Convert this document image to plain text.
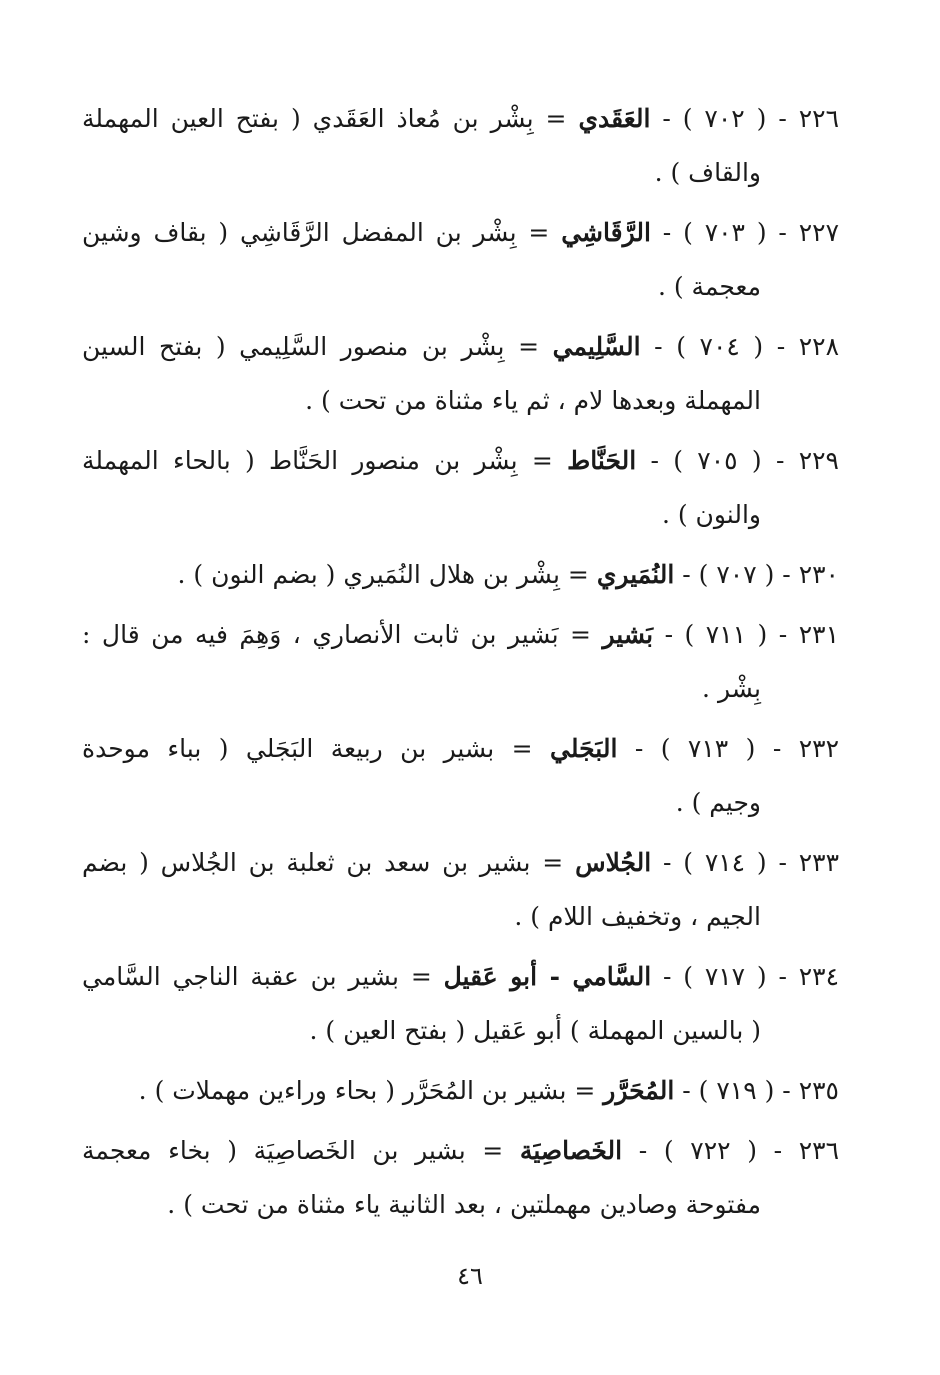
٢٢٦ - ( ٧٠٢ ) - العَقَدي = بِشْر بن مُعاذ العَقَدي ( بفتح العين المهملة
والقاف ) .
٢٢٧ - ( ٧٠٣ ) - الرَّقَاشِي = بِشْر بن المفضل الرَّقَاشِي ( بقاف وشين
معجمة ) .
٢٢٨ - ( ٧٠٤ ) - السَّلِيمي = بِشْر بن منصور السَّلِيمي ( بفتح السين
المهملة وبعدها لام ، ثم ياء مثناة من تحت ) .
٢٢٩ - ( ٧٠٥ ) - الحَنَّاط = بِشْر بن منصور الحَنَّاط ( بالحاء المهملة
والنون ) .
٢٣٠ - ( ٧٠٧ ) - النُمَيري = بِشْر بن هلال النُمَيري ( بضم النون ) .
٢٣١ - ( ٧١١ ) - بَشير = بَشير بن ثابت الأنصاري ، وَهِمَ فيه من قال :
بِشْر .
٢٣٢ - ( ٧١٣ ) - البَجَلي = بشير بن ربيعة البَجَلي ( بباء موحدة
وجيم ) .
٢٣٣ - ( ٧١٤ ) - الجُلاس = بشير بن سعد بن ثعلبة بن الجُلاس ( بضم
الجيم ، وتخفيف اللام ) .
٢٣٤ - ( ٧١٧ ) - السَّامي - أبو عَقيل = بشير بن عقبة الناجي السَّامي
( بالسين المهملة ) أبو عَقيل ( بفتح العين ) .
٢٣٥ - ( ٧١٩ ) - المُحَرَّر = بشير بن المُحَرَّر ( بحاء وراءين مهملات ) .
٢٣٦ - ( ٧٢٢ ) - الخَصاصِيَة = بشير بن الخَصاصِيَة ( بخاء معجمة
مفتوحة وصادين مهملتين ، بعد الثانية ياء مثناة من تحت ) .
٤٦
